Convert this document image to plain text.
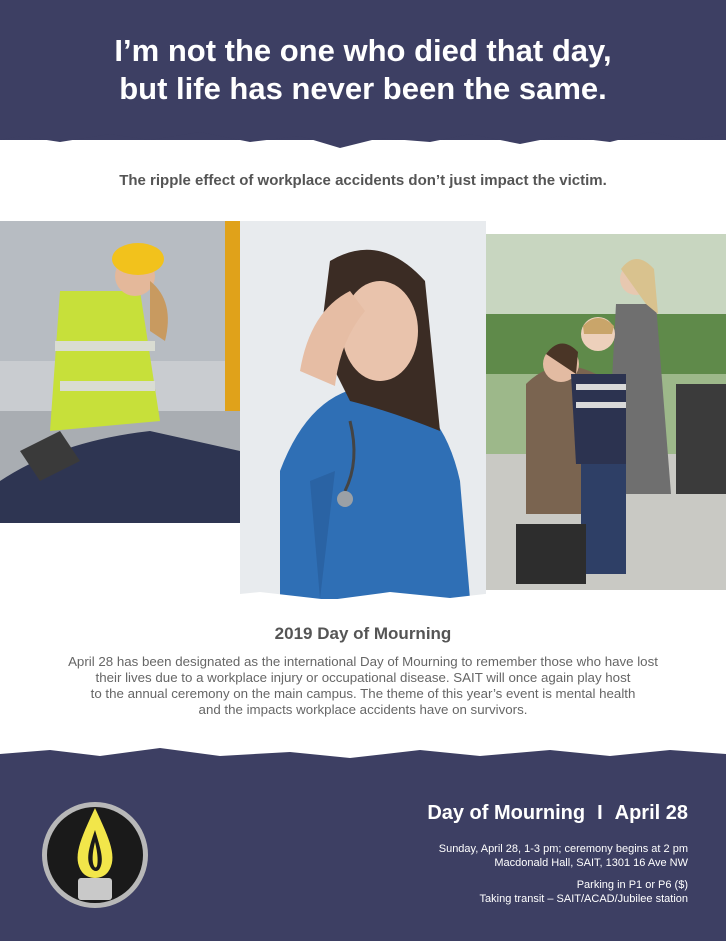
I’m not the one who died that day,
but life has never been the same.

The ripple effect of workplace accidents don’t just impact the victim.

2019 Day of Mourning

April 28 has been designated as the international Day of Mourning to remember those who have lost
their lives due to a workplace injury or occupational disease. SAIT will once again play host
to the annual ceremony on the main campus. The theme of this year’s event is mental health
and the impacts workplace accidents have on survivors.

Day of Mourning I April 28

Sunday, April 28, 1-3 pm; ceremony begins at 2 pm
Macdonald Hall, SAIT, 1301 16 Ave NW

Parking in P1 or P6 ($)
Taking transit – SAIT/ACAD/Jubilee station
